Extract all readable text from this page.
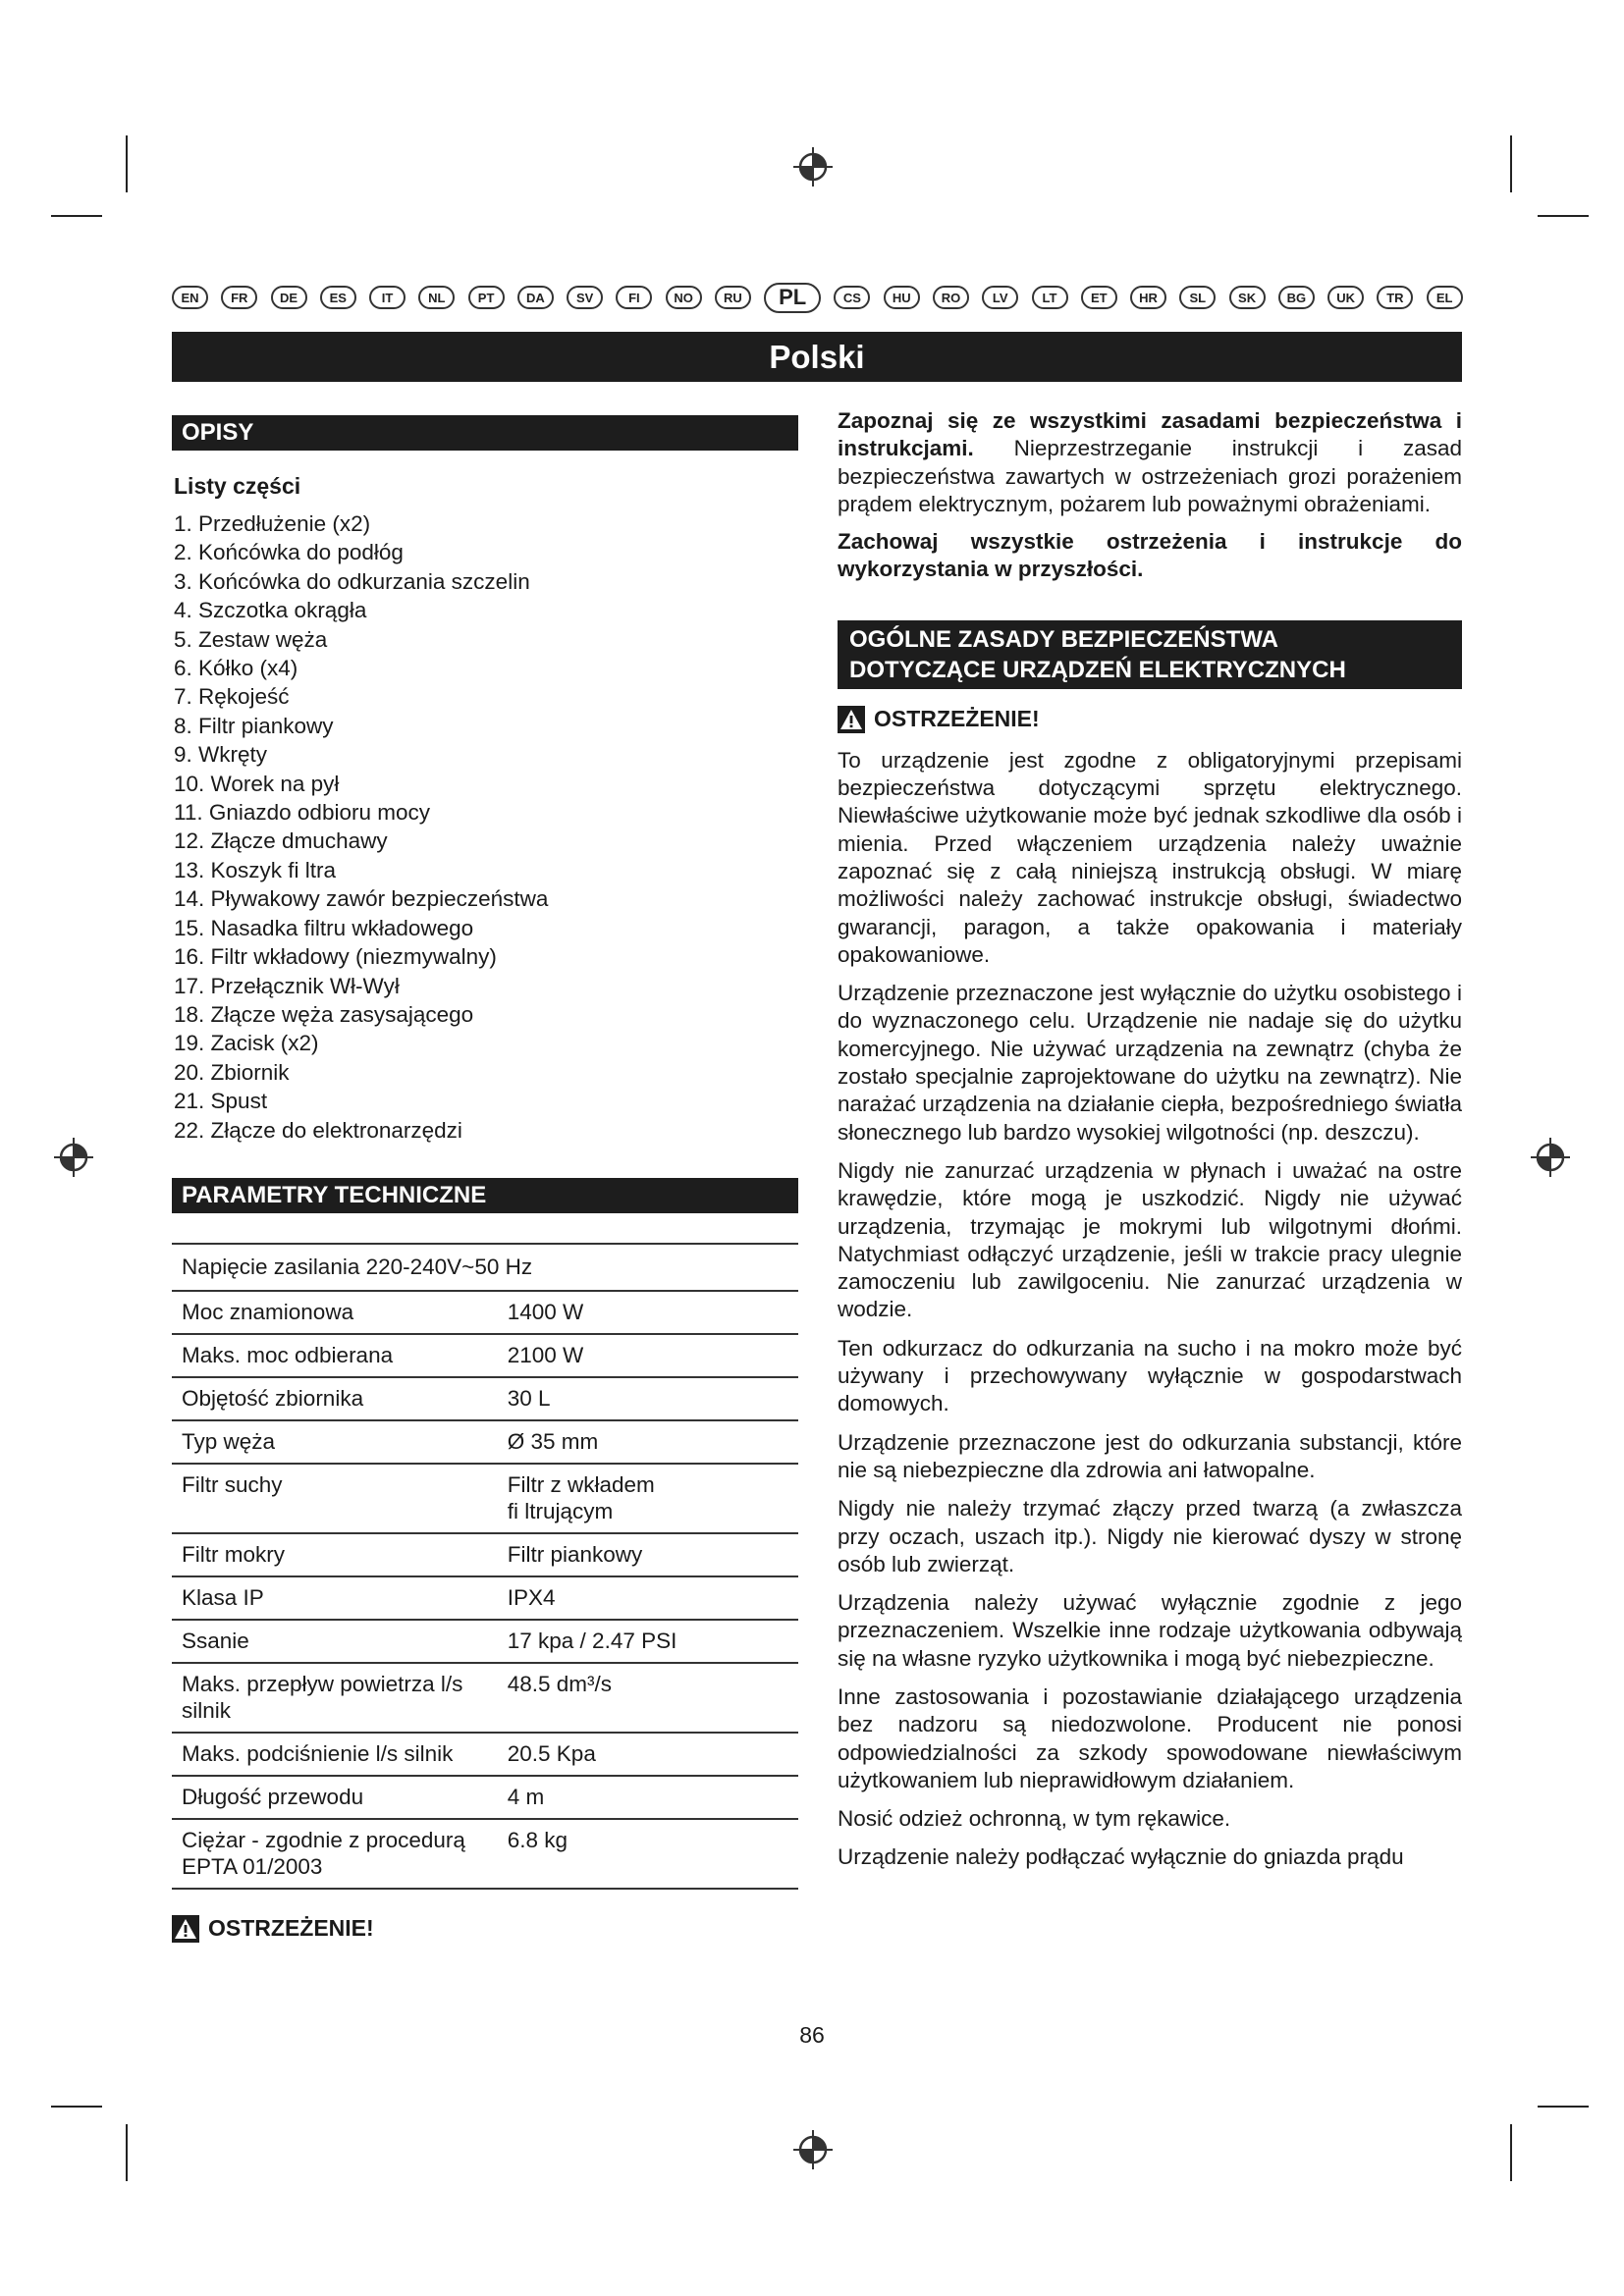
EN	FR	DE	ES	IT	NL	PT	DA	SV	FI	NO	RU	PL	CS	HU	RO	LV	LT	ET	HR	SL	SK	BG	UK	TR	EL
Polski
OPISY
Listy części
1. Przedłużenie (x2)
2. Końcówka do podłóg
3. Końcówka do odkurzania szczelin
4. Szczotka okrągła
5. Zestaw węża
6. Kółko (x4)
7. Rękojeść
8. Filtr piankowy
9. Wkręty
10. Worek na pył
11. Gniazdo odbioru mocy
12. Złącze dmuchawy
13. Koszyk fi ltra
14. Pływakowy zawór bezpieczeństwa
15. Nasadka filtru wkładowego
16. Filtr wkładowy (niezmywalny)
17. Przełącznik Wł-Wył
18. Złącze węża zasysającego
19. Zacisk (x2)
20. Zbiornik
21. Spust
22. Złącze do elektronarzędzi
PARAMETRY TECHNICZNE
Napięcie zasilania 220-240V~50 Hz	
Moc znamionowa	1400 W
Maks. moc odbierana	2100 W
Objętość zbiornika	30 L
Typ węża	Ø 35 mm
Filtr suchy	Filtr z wkładem
fi ltrującym
Filtr mokry	Filtr piankowy
Klasa IP	IPX4
Ssanie	17 kpa / 2.47 PSI
Maks. przepływ powietrza l/s
silnik	48.5 dm³/s
Maks. podciśnienie l/s silnik	20.5 Kpa
Długość przewodu	4 m
Ciężar - zgodnie z procedurą
EPTA 01/2003	6.8 kg
OSTRZEŻENIE!

Zapoznaj się ze wszystkimi zasadami bezpieczeństwa i instrukcjami. Nieprzestrzeganie instrukcji i zasad bezpieczeństwa zawartych w ostrzeżeniach grozi porażeniem prądem elektrycznym, pożarem lub poważnymi obrażeniami.

Zachowaj wszystkie ostrzeżenia i instrukcje do wykorzystania w przyszłości.

OGÓLNE ZASADY BEZPIECZEŃSTWA
DOTYCZĄCE URZĄDZEŃ ELEKTRYCZNYCH
OSTRZEŻENIE!

To urządzenie jest zgodne z obligatoryjnymi przepisami bezpieczeństwa dotyczącymi sprzętu elektrycznego. Niewłaściwe użytkowanie może być jednak szkodliwe dla osób i mienia. Przed włączeniem urządzenia należy uważnie zapoznać się z całą niniejszą instrukcją obsługi. W miarę możliwości należy zachować instrukcje obsługi, świadectwo gwarancji, paragon, a także opakowania i materiały opakowaniowe.

Urządzenie przeznaczone jest wyłącznie do użytku osobistego i do wyznaczonego celu. Urządzenie nie nadaje się do użytku komercyjnego. Nie używać urządzenia na zewnątrz (chyba że zostało specjalnie zaprojektowane do użytku na zewnątrz). Nie narażać urządzenia na działanie ciepła, bezpośredniego światła słonecznego lub bardzo wysokiej wilgotności (np. deszczu).

Nigdy nie zanurzać urządzenia w płynach i uważać na ostre krawędzie, które mogą je uszkodzić. Nigdy nie używać urządzenia, trzymając je mokrymi lub wilgotnymi dłońmi. Natychmiast odłączyć urządzenie, jeśli w trakcie pracy ulegnie zamoczeniu lub zawilgoceniu. Nie zanurzać urządzenia w wodzie.

Ten odkurzacz do odkurzania na sucho i na mokro może być używany i przechowywany wyłącznie w gospodarstwach domowych.

Urządzenie przeznaczone jest do odkurzania substancji, które nie są niebezpieczne dla zdrowia ani łatwopalne.

Nigdy nie należy trzymać złączy przed twarzą (a zwłaszcza przy oczach, uszach itp.). Nigdy nie kierować dyszy w stronę osób lub zwierząt.

Urządzenia należy używać wyłącznie zgodnie z jego przeznaczeniem. Wszelkie inne rodzaje użytkowania odbywają się na własne ryzyko użytkownika i mogą być niebezpieczne.

Inne zastosowania i pozostawianie działającego urządzenia bez nadzoru są niedozwolone. Producent nie ponosi odpowiedzialności za szkody spowodowane niewłaściwym użytkowaniem lub nieprawidłowym działaniem.

Nosić odzież ochronną, w tym rękawice.

Urządzenie należy podłączać wyłącznie do gniazda prądu

86
